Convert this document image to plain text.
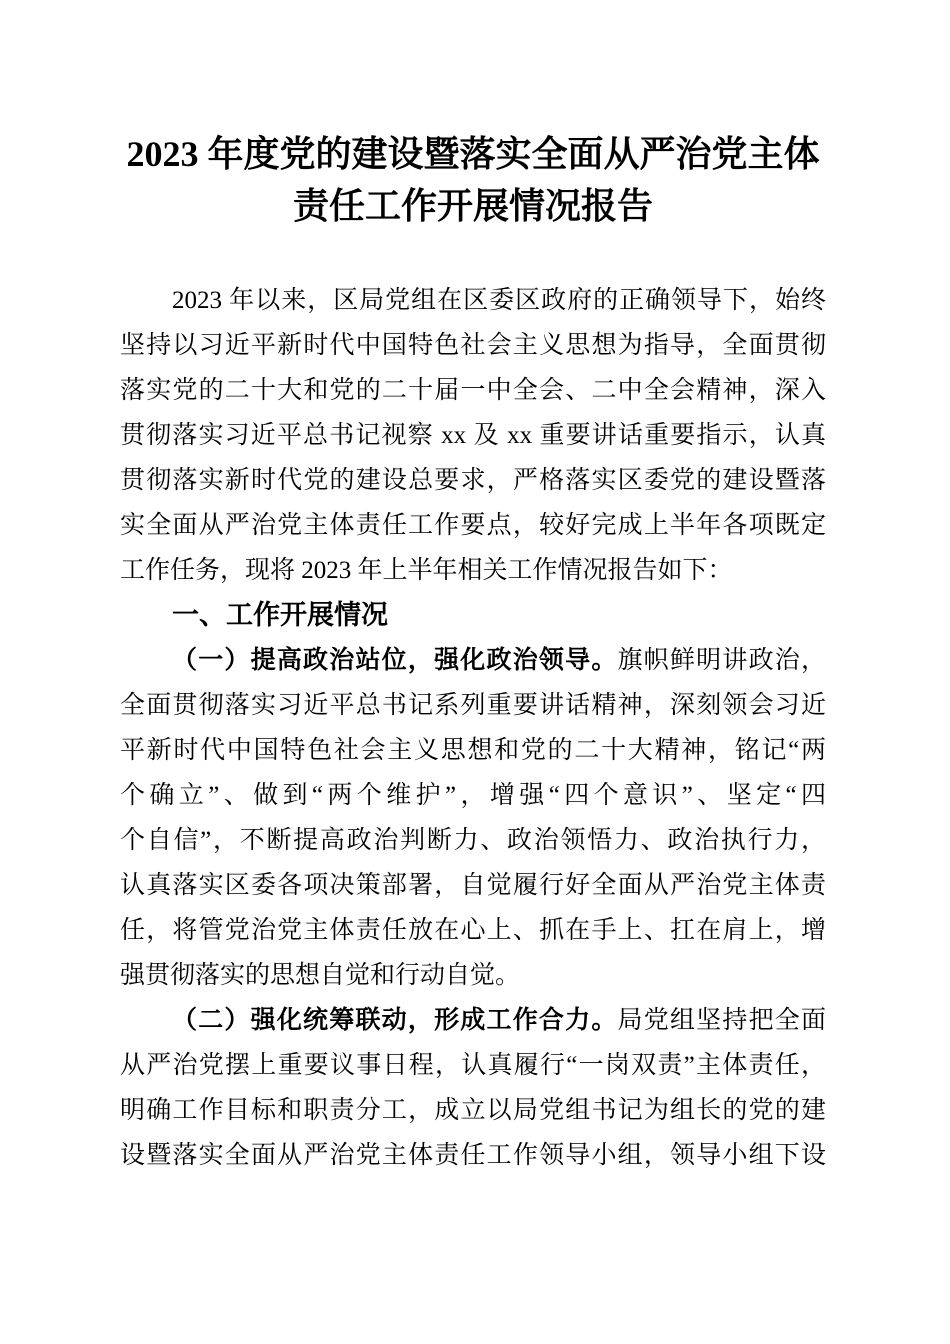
2023 年度党的建设暨落实全面从严治党主体
责任工作开展情况报告
2023 年以来，区局党组在区委区政府的正确领导下，始终
坚持以习近平新时代中国特色社会主义思想为指导，全面贯彻
落实党的二十大和党的二十届一中全会、二中全会精神，深入
贯彻落实习近平总书记视察 xx 及 xx 重要讲话重要指示，认真
贯彻落实新时代党的建设总要求，严格落实区委党的建设暨落
实全面从严治党主体责任工作要点，较好完成上半年各项既定
工作任务，现将 2023 年上半年相关工作情况报告如下：
一、工作开展情况
（一）提高政治站位，强化政治领导。旗帜鲜明讲政治，
全面贯彻落实习近平总书记系列重要讲话精神，深刻领会习近
平新时代中国特色社会主义思想和党的二十大精神，铭记“两
个确立”、做到“两个维护”，增强“四个意识”、坚定“四
个自信”，不断提高政治判断力、政治领悟力、政治执行力，
认真落实区委各项决策部署，自觉履行好全面从严治党主体责
任，将管党治党主体责任放在心上、抓在手上、扛在肩上，增
强贯彻落实的思想自觉和行动自觉。
（二）强化统筹联动，形成工作合力。局党组坚持把全面
从严治党摆上重要议事日程，认真履行“一岗双责”主体责任，
明确工作目标和职责分工，成立以局党组书记为组长的党的建
设暨落实全面从严治党主体责任工作领导小组，领导小组下设
